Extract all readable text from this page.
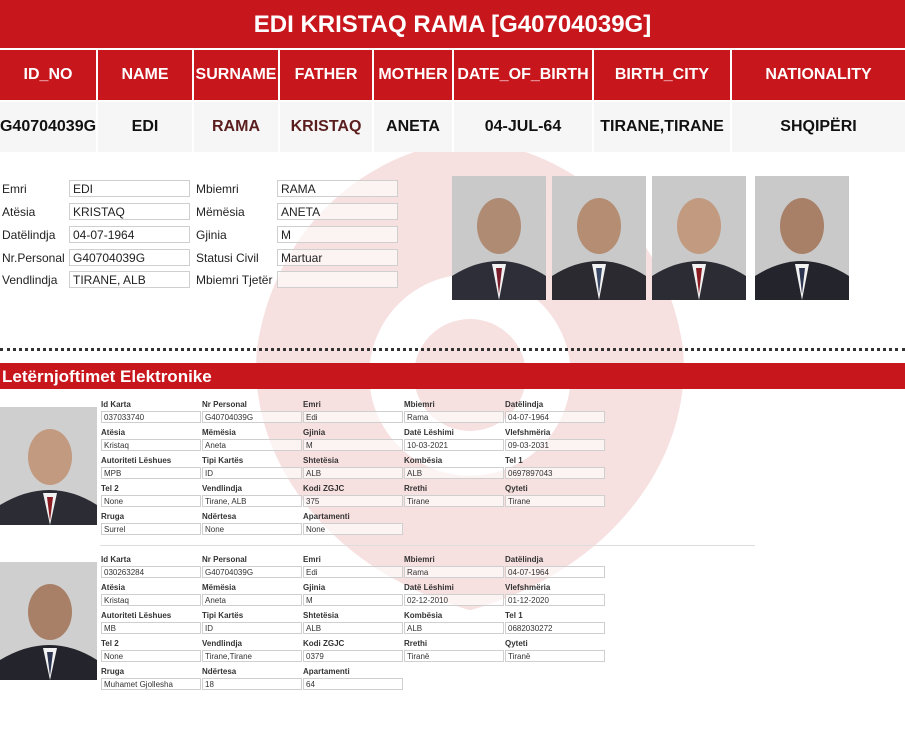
EDI KRISTAQ RAMA [G40704039G]
ID_NO	NAME	SURNAME	FATHER	MOTHER DATE_OF_BIRTH	BIRTH_CITY	NATIONALITY
G40704039G	EDI	RAMA	KRISTAQ	ANETA	04-JUL-64	TIRANE,TIRANE	SHQIPËRI
Emri	EDI
Atësia	KRISTAQ
Datëlindja	04-07-1964
Nr.Personal G40704039G
Vendlindja	TIRANE, ALB
Mbiemri	RAMA
Mëmësia	ANETA
Gjinia	M
Statusi Civil	Martuar
Mbiemri Tjetër
Letërnjoftimet Elektronike
Id Karta
037033740
Nr Personal
G40704039G
Emri
Edi
Mbiemri
Rama
Datëlindja
04-07-1964
Atësia
Kristaq
Mëmësia
Aneta
Gjinia
M
Datë Lëshimi
10-03-2021
Vlefshmëria
09-03-2031
Autoriteti Lëshues
MPB
Tipi Kartës
ID
Shtetësia
ALB
Kombësia
ALB
Tel 1
0697897043
Tel 2
None
Vendlindja
Tirane, ALB
Kodi ZGJC
375
Rrethi
Tirane
Qyteti
Tirane
Rruga
Surrel
Ndërtesa
None
Apartamenti
None
Id Karta
030263284
Nr Personal
G40704039G
Emri
Edi
Mbiemri
Rama
Datëlindja
04-07-1964
Atësia
Kristaq
Mëmësia
Aneta
Gjinia
M
Datë Lëshimi
02-12-2010
Vlefshmëria
01-12-2020
Autoriteti Lëshues
MB
Tipi Kartës
ID
Shtetësia
ALB
Kombësia
ALB
Tel 1
0682030272
Tel 2
None
Vendlindja
Tirane,Tirane
Kodi ZGJC
0379
Rrethi
Tiranë
Qyteti
Tiranë
Rruga
Muhamet Gjollesha
Ndërtesa
18
Apartamenti
64
